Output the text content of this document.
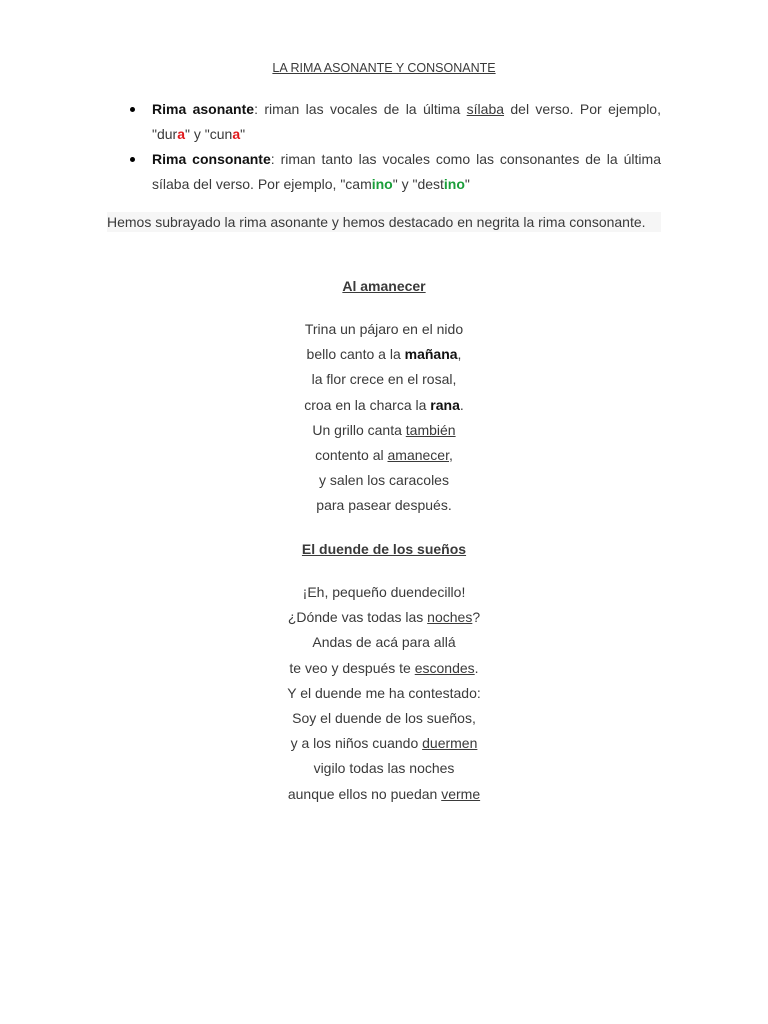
LA RIMA ASONANTE Y CONSONANTE
Rima asonante: riman las vocales de la última sílaba del verso. Por ejemplo, "dura" y "cuna"
Rima consonante: riman tanto las vocales como las consonantes de la última sílaba del verso. Por ejemplo, "camino" y "destino"
Hemos subrayado la rima asonante y hemos destacado en negrita la rima consonante.
Al amanecer
Trina un pájaro en el nido
bello canto a la mañana,
la flor crece en el rosal,
croa en la charca la rana.
Un grillo canta también
contento al amanecer,
y salen los caracoles
para pasear después.
El duende de los sueños
¡Eh, pequeño duendecillo!
¿Dónde vas todas las noches?
Andas de acá para allá
te veo y después te escondes.
Y el duende me ha contestado:
Soy el duende de los sueños,
y a los niños cuando duermen
vigilo todas las noches
aunque ellos no puedan verme
